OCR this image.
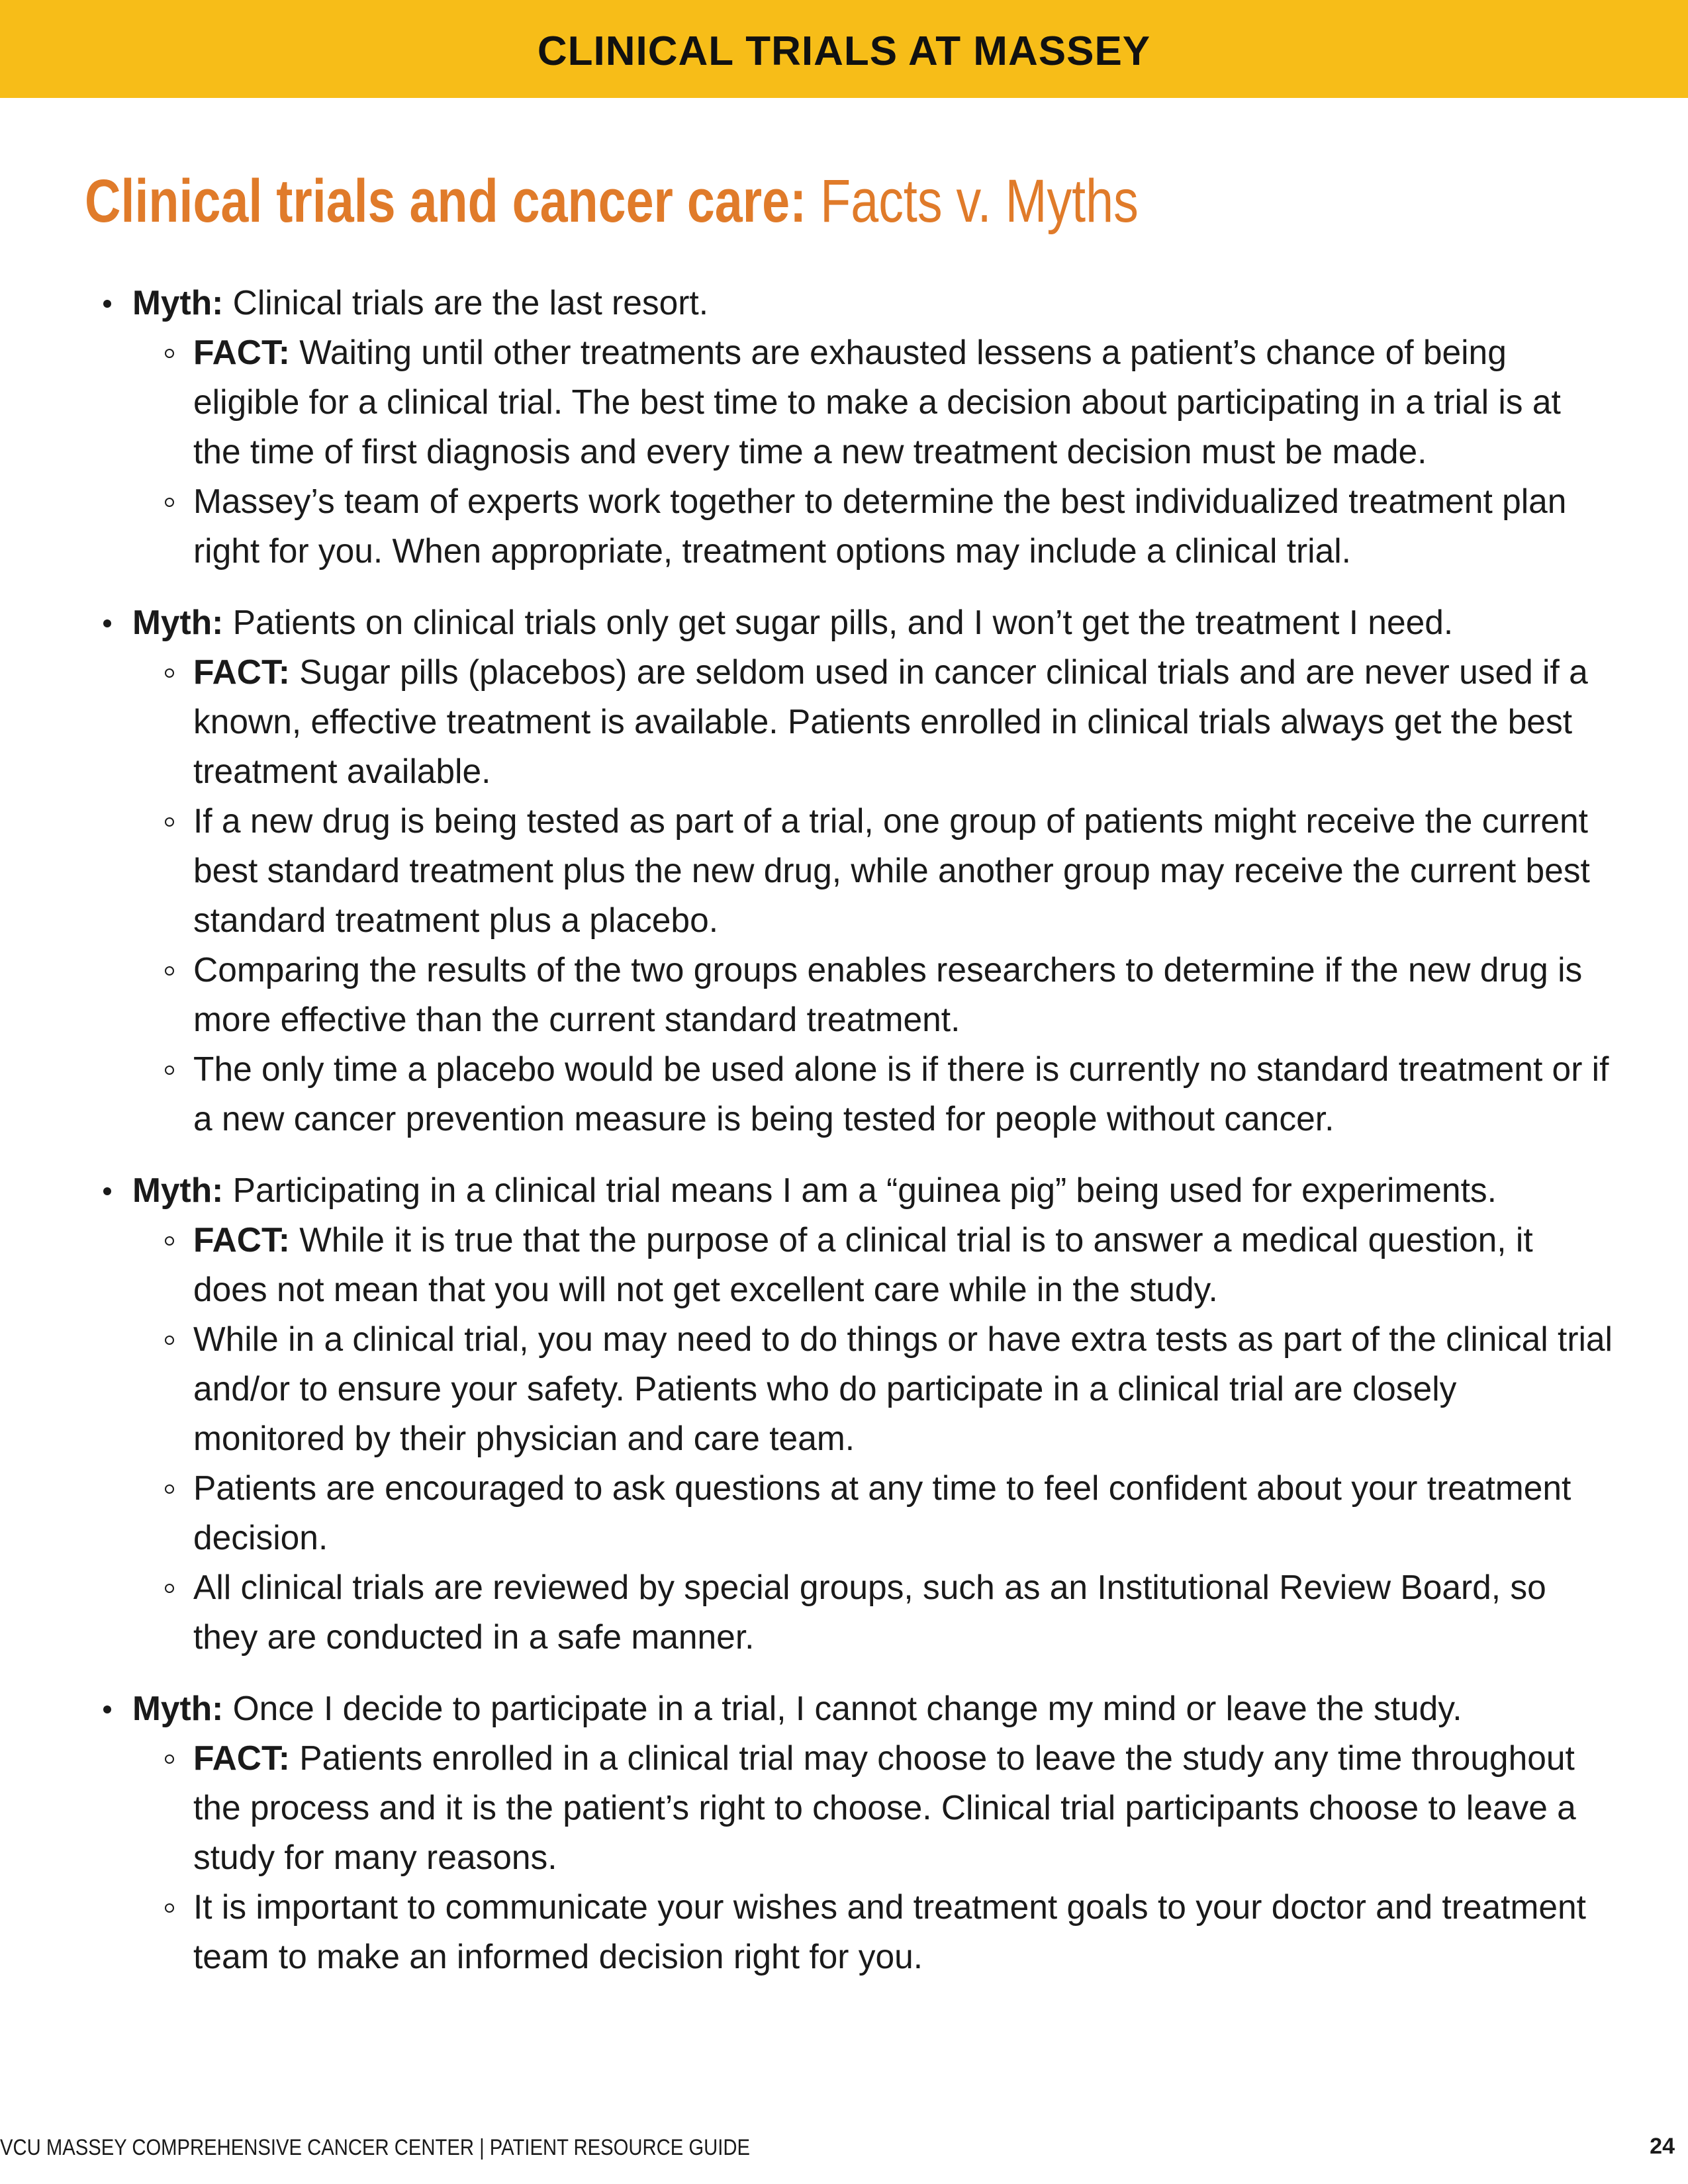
CLINICAL TRIALS AT MASSEY
Clinical trials and cancer care: Facts v. Myths
Myth: Clinical trials are the last resort.
FACT: Waiting until other treatments are exhausted lessens a patient’s chance of being eligible for a clinical trial. The best time to make a decision about participating in a trial is at the time of first diagnosis and every time a new treatment decision must be made.
Massey’s team of experts work together to determine the best individualized treatment plan right for you. When appropriate, treatment options may include a clinical trial.
Myth: Patients on clinical trials only get sugar pills, and I won’t get the treatment I need.
FACT: Sugar pills (placebos) are seldom used in cancer clinical trials and are never used if a known, effective treatment is available. Patients enrolled in clinical trials always get the best treatment available.
If a new drug is being tested as part of a trial, one group of patients might receive the current best standard treatment plus the new drug, while another group may receive the current best standard treatment plus a placebo.
Comparing the results of the two groups enables researchers to determine if the new drug is more effective than the current standard treatment.
The only time a placebo would be used alone is if there is currently no standard treatment or if a new cancer prevention measure is being tested for people without cancer.
Myth: Participating in a clinical trial means I am a “guinea pig” being used for experiments.
FACT: While it is true that the purpose of a clinical trial is to answer a medical question, it does not mean that you will not get excellent care while in the study.
While in a clinical trial, you may need to do things or have extra tests as part of the clinical trial and/or to ensure your safety. Patients who do participate in a clinical trial are closely monitored by their physician and care team.
Patients are encouraged to ask questions at any time to feel confident about your treatment decision.
All clinical trials are reviewed by special groups, such as an Institutional Review Board, so they are conducted in a safe manner.
Myth: Once I decide to participate in a trial, I cannot change my mind or leave the study.
FACT: Patients enrolled in a clinical trial may choose to leave the study any time throughout the process and it is the patient’s right to choose. Clinical trial participants choose to leave a study for many reasons.
It is important to communicate your wishes and treatment goals to your doctor and treatment team to make an informed decision right for you.
VCU MASSEY COMPREHENSIVE CANCER CENTER | PATIENT RESOURCE GUIDE	24
